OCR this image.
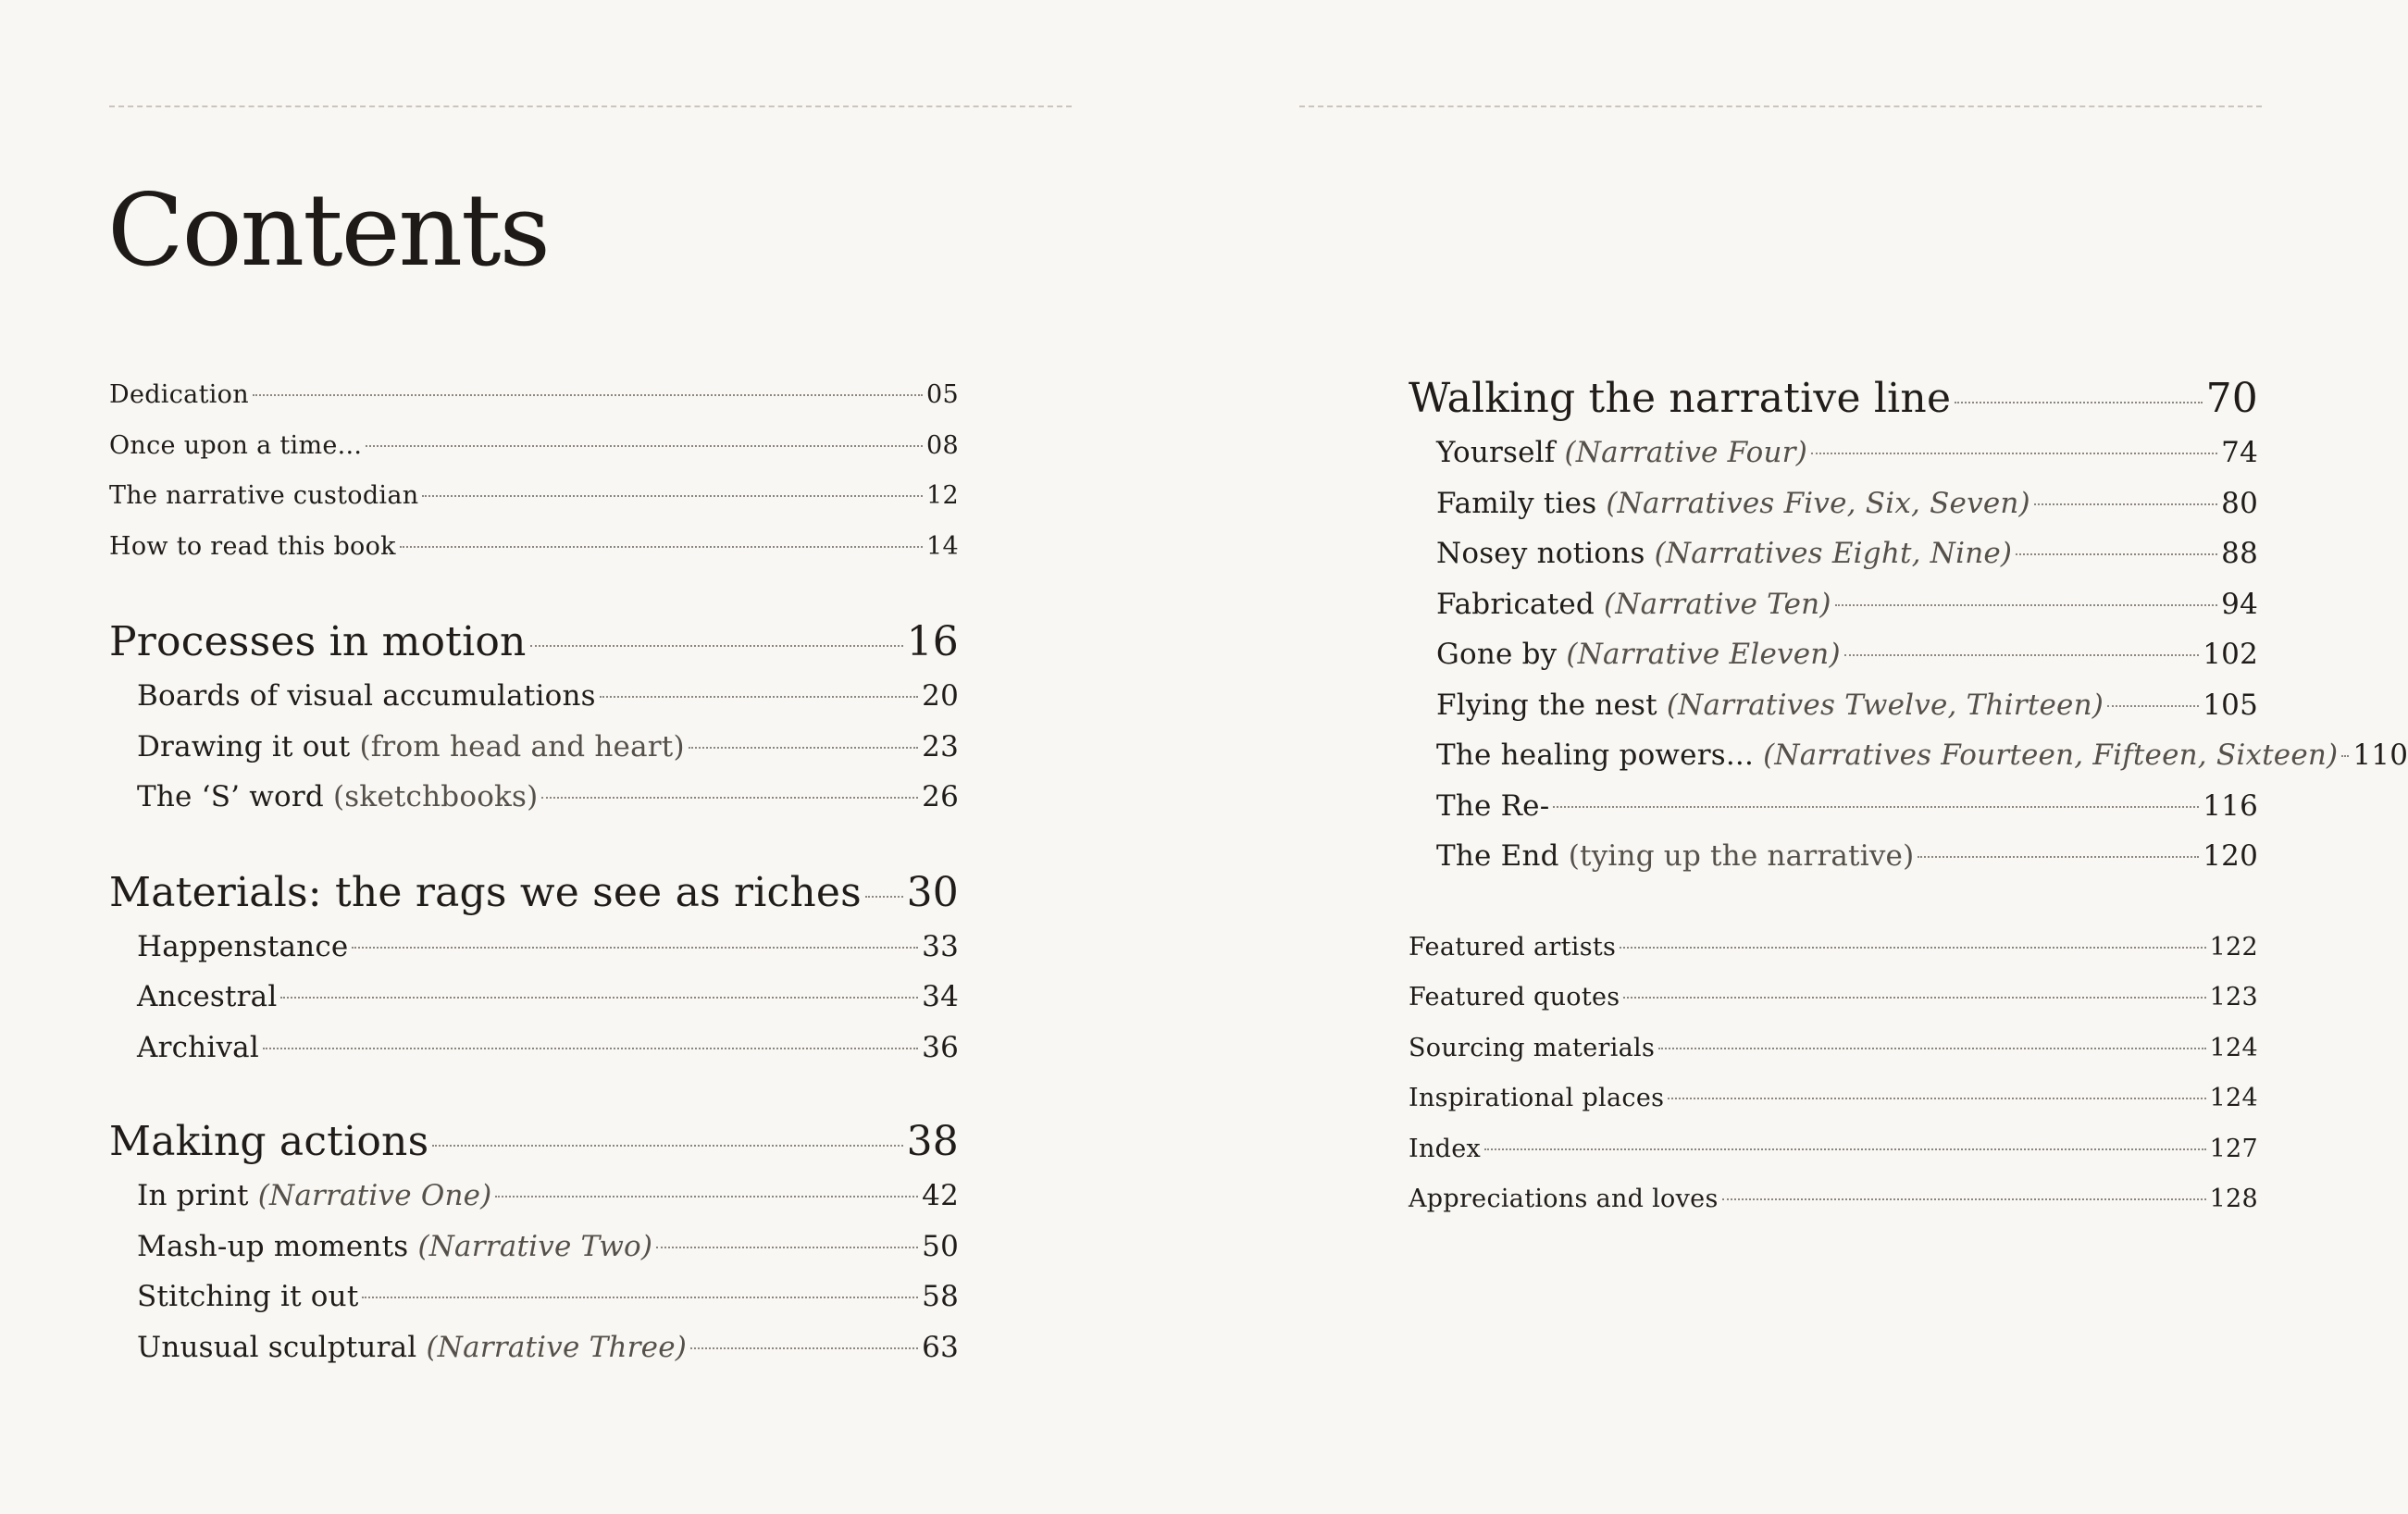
Contents
Dedication	05
Once upon a time...	08
The narrative custodian	12
How to read this book	14
Processes in motion	16
Boards of visual accumulations	20
Drawing it out (from head and heart)	23
The ‘S’ word (sketchbooks)	26
Materials: the rags we see as riches 30
Happenstance	33
Ancestral	34
Archival	36
Making actions	38
In print (Narrative One)	42
Mash-up moments (Narrative Two)	50
Stitching it out	58
Unusual sculptural (Narrative Three)	63
Walking the narrative line	70
Yourself (Narrative Four)	74
Family ties (Narratives Five, Six, Seven)	80
Nosey notions (Narratives Eight, Nine)	88
Fabricated (Narrative Ten)	94
Gone by (Narrative Eleven)	102
Flying the nest (Narratives Twelve, Thirteen)	105
The healing powers... (Narratives Fourteen, Fifteen, Sixteen) 110
The Re-	116
The End (tying up the narrative)	120
Featured artists	122
Featured quotes	123
Sourcing materials	124
Inspirational places	124
Index	127
Appreciations and loves	128
